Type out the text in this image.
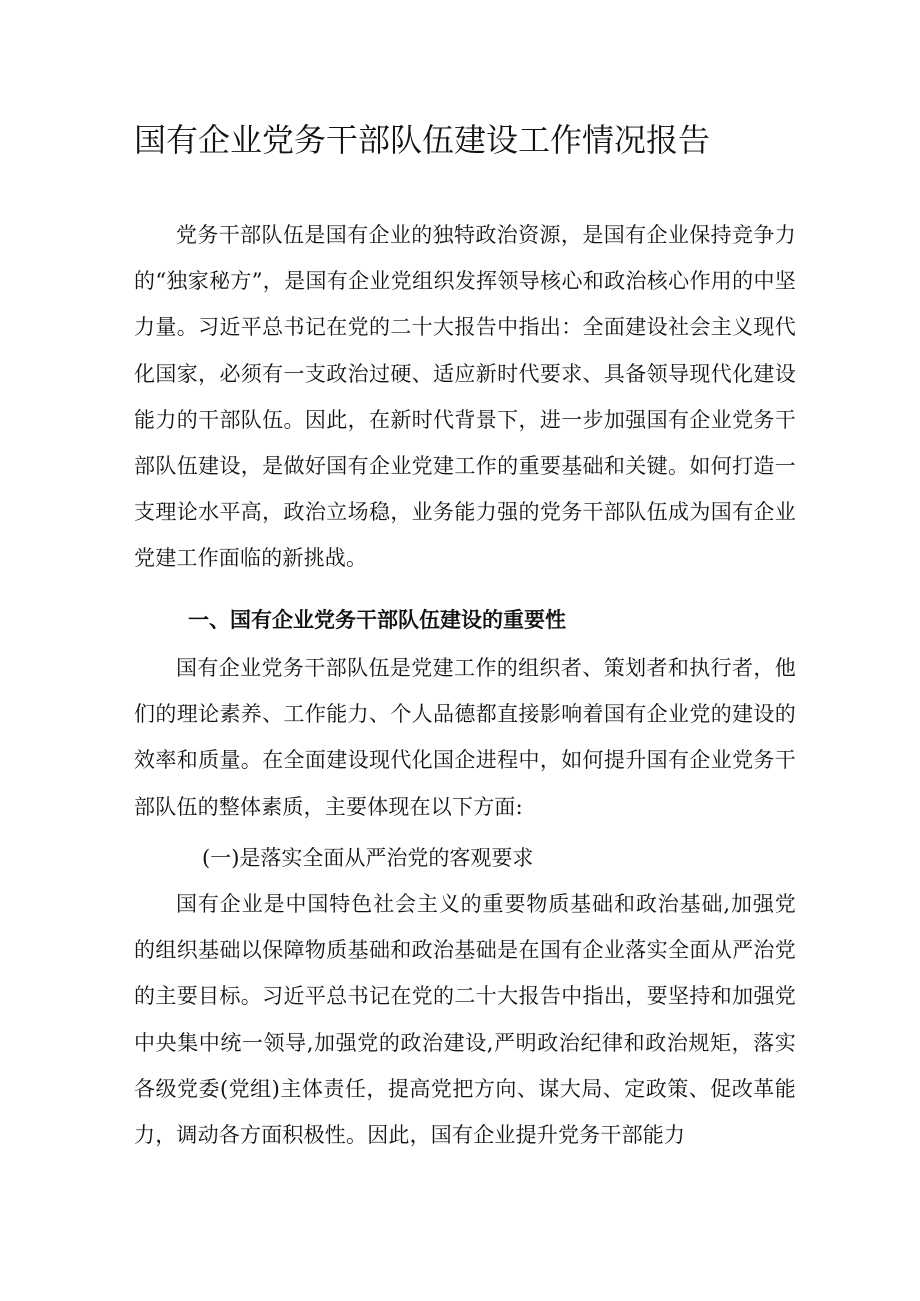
国有企业党务干部队伍建设工作情况报告

党务干部队伍是国有企业的独特政治资源，是国有企业保持竞争力的“独家秘方”，是国有企业党组织发挥领导核心和政治核心作用的中坚力量。习近平总书记在党的二十大报告中指出：全面建设社会主义现代化国家，必须有一支政治过硬、适应新时代要求、具备领导现代化建设能力的干部队伍。因此，在新时代背景下，进一步加强国有企业党务干部队伍建设，是做好国有企业党建工作的重要基础和关键。如何打造一支理论水平高，政治立场稳，业务能力强的党务干部队伍成为国有企业党建工作面临的新挑战。

一、国有企业党务干部队伍建设的重要性

国有企业党务干部队伍是党建工作的组织者、策划者和执行者，他们的理论素养、工作能力、个人品德都直接影响着国有企业党的建设的效率和质量。在全面建设现代化国企进程中，如何提升国有企业党务干部队伍的整体素质，主要体现在以下方面:

(一)是落实全面从严治党的客观要求

国有企业是中国特色社会主义的重要物质基础和政治基础,加强党的组织基础以保障物质基础和政治基础是在国有企业落实全面从严治党的主要目标。习近平总书记在党的二十大报告中指出，要坚持和加强党中央集中统一领导,加强党的政治建设,严明政治纪律和政治规矩，落实各级党委(党组)主体责任，提高党把方向、谋大局、定政策、促改革能力，调动各方面积极性。因此，国有企业提升党务干部能力
